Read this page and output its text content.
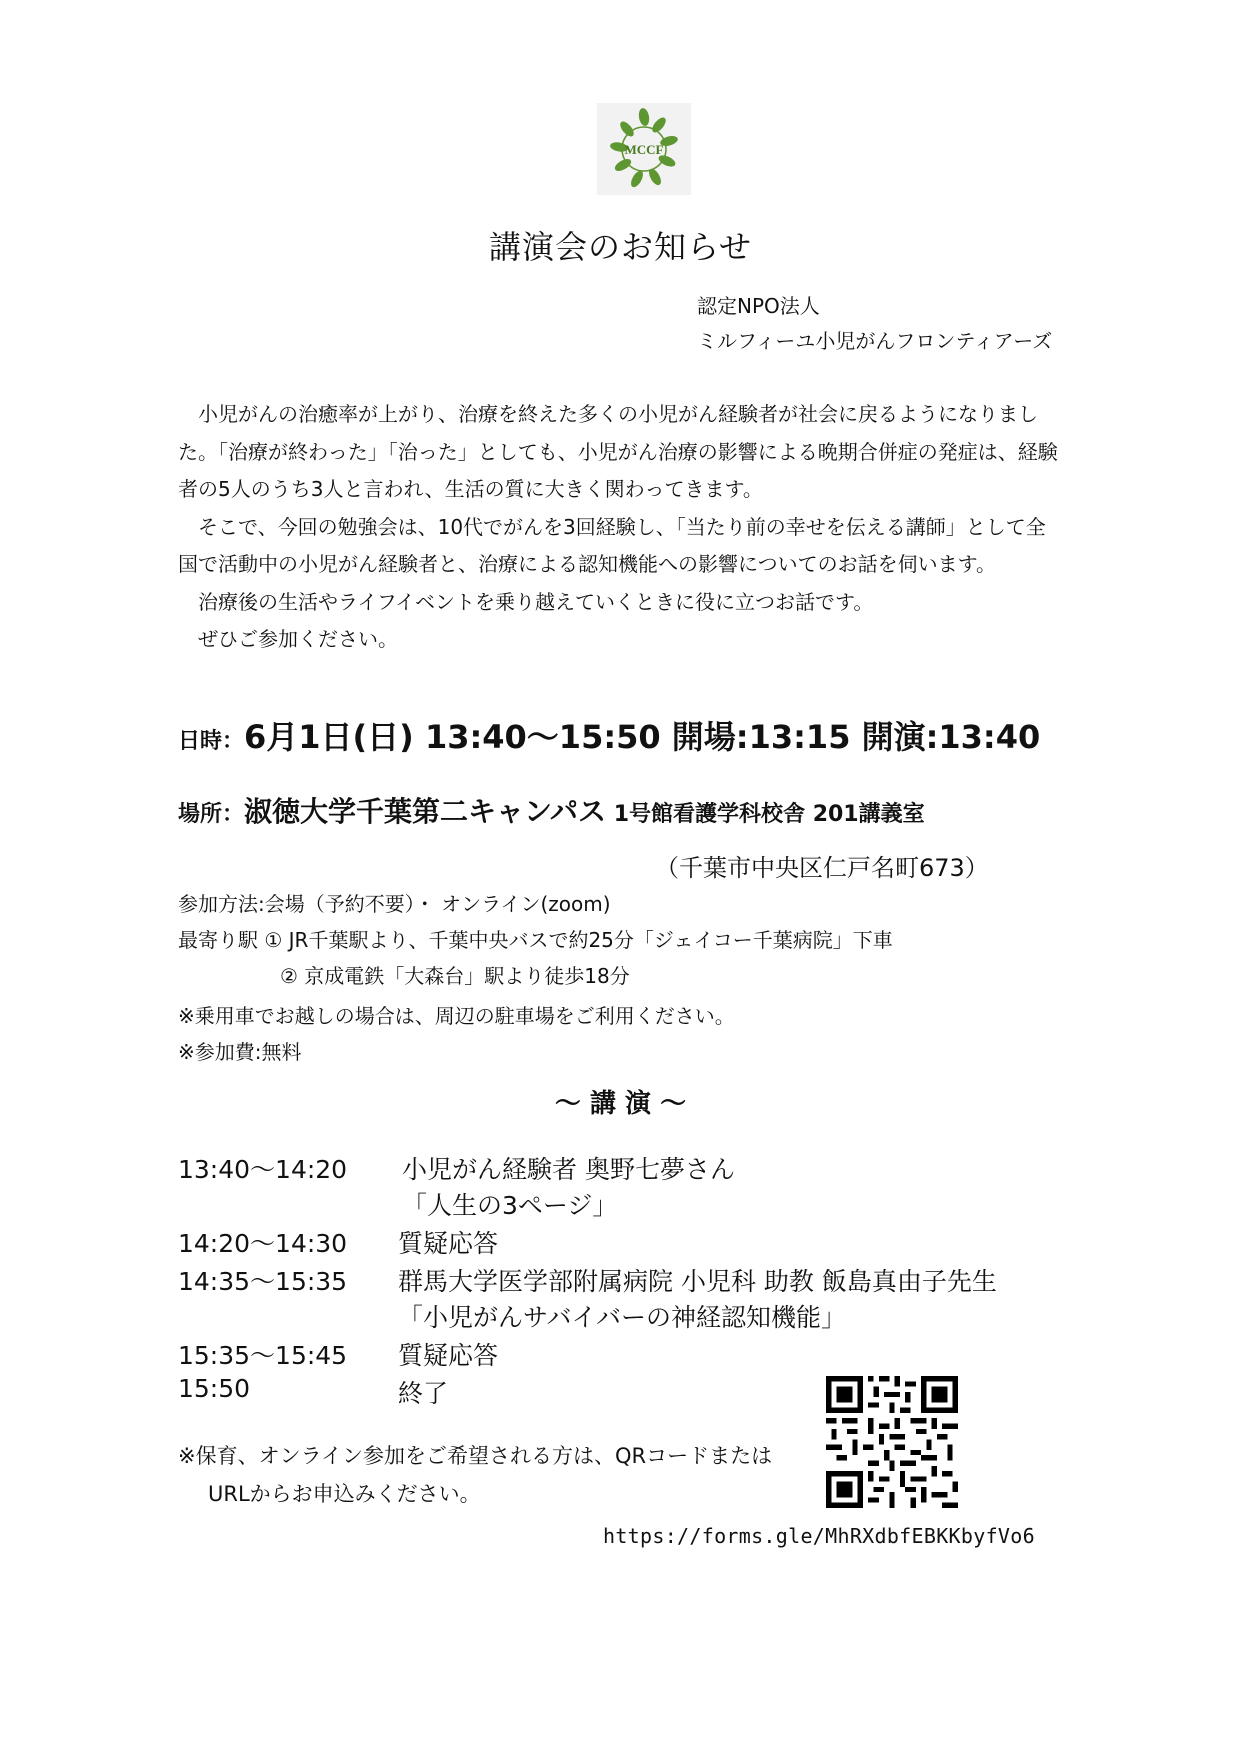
MCCF
講演会のお知らせ
認定NPO法人
ミルフィーユ小児がんフロンティアーズ

小児がんの治癒率が上がり、治療を終えた多くの小児がん経験者が社会に戻るようになりました。「治療が終わった」「治った」としても、小児がん治療の影響による晩期合併症の発症は、経験者の5人のうち3人と言われ、生活の質に大きく関わってきます。

そこで、今回の勉強会は、10代でがんを3回経験し、「当たり前の幸せを伝える講師」として全国で活動中の小児がん経験者と、治療による認知機能への影響についてのお話を伺います。

治療後の生活やライフイベントを乗り越えていくときに役に立つお話です。

ぜひご参加ください。

日時：6月1日(日) 13:40～15:50 開場:13:15 開演:13:40
場所：淑徳大学千葉第二キャンパス 1号館看護学科校舎 201講義室
（千葉市中央区仁戸名町673）
参加方法:会場（予約不要）・ オンライン(zoom)
最寄り駅 ① JR千葉駅より、千葉中央バスで約25分「ジェイコー千葉病院」下車
② 京成電鉄「大森台」駅より徒歩18分
※乗用車でお越しの場合は、周辺の駐車場をご利用ください。
※参加費:無料
～ 講 演 ～
13:40～14:20 小児がん経験者 奥野七夢さん
「人生の3ページ」
14:20～14:30 質疑応答
14:35～15:35 群馬大学医学部附属病院 小児科 助教 飯島真由子先生
「小児がんサバイバーの神経認知機能」
15:35～15:45 質疑応答
15:50	終了
※保育、オンライン参加をご希望される方は、QRコードまたは
URLからお申込みください。
https://forms.gle/MhRXdbfEBKKbyfVo6
